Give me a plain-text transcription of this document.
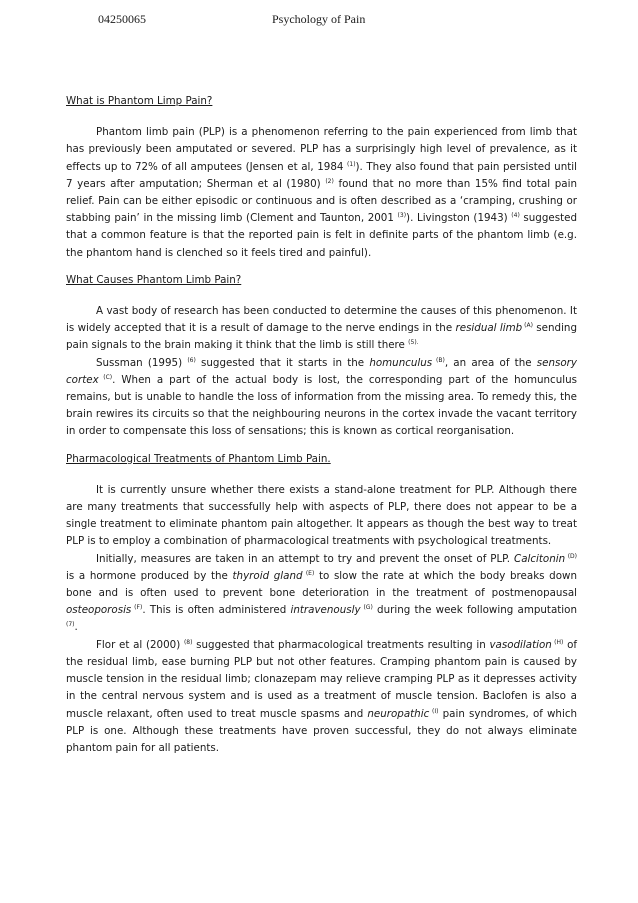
04250065	Psychology of Pain
What is Phantom Limp Pain?

Phantom limb pain (PLP) is a phenomenon referring to the pain experienced from limb that has previously been amputated or severed. PLP has a surprisingly high level of prevalence, as it effects up to 72% of all amputees (Jensen et al, 1984 $^{(1)}$). They also found that pain persisted until 7 years after amputation; Sherman et al (1980) $^{(2)}$ found that no more than 15% find total pain relief. Pain can be either episodic or continuous and is often described as a ‘cramping, crushing or stabbing pain’ in the missing limb (Clement and Taunton, 2001 $^{(3)}$). Livingston (1943) $^{(4)}$ suggested that a common feature is that the reported pain is felt in definite parts of the phantom limb (e.g. the phantom hand is clenched so it feels tired and painful).

What Causes Phantom Limb Pain?

A vast body of research has been conducted to determine the causes of this phenomenon. It is widely accepted that it is a result of damage to the nerve endings in the residual limb $^{(A)}$ sending pain signals to the brain making it think that the limb is still there $^{(5).}$

Sussman (1995) $^{(6)}$ suggested that it starts in the homunculus $^{(B)}$, an area of the sensory cortex $^{(C)}$. When a part of the actual body is lost, the corresponding part of the homunculus remains, but is unable to handle the loss of information from the missing area. To remedy this, the brain rewires its circuits so that the neighbouring neurons in the cortex invade the vacant territory in order to compensate this loss of sensations; this is known as cortical reorganisation.

Pharmacological Treatments of Phantom Limb Pain.

It is currently unsure whether there exists a stand-alone treatment for PLP. Although there are many treatments that successfully help with aspects of PLP, there does not appear to be a single treatment to eliminate phantom pain altogether. It appears as though the best way to treat PLP is to employ a combination of pharmacological treatments with psychological treatments.

Initially, measures are taken in an attempt to try and prevent the onset of PLP. Calcitonin $^{(D)}$ is a hormone produced by the thyroid gland $^{(E)}$ to slow the rate at which the body breaks down bone and is often used to prevent bone deterioration in the treatment of postmenopausal osteoporosis $^{(F)}$. This is often administered intravenously $^{(G)}$ during the week following amputation $^{(7)}$.

Flor et al (2000) $^{(8)}$ suggested that pharmacological treatments resulting in vasodilation $^{(H)}$ of the residual limb, ease burning PLP but not other features. Cramping phantom pain is caused by muscle tension in the residual limb; clonazepam may relieve cramping PLP as it depresses activity in the central nervous system and is used as a treatment of muscle tension. Baclofen is also a muscle relaxant, often used to treat muscle spasms and neuropathic $^{(I)}$ pain syndromes, of which PLP is one. Although these treatments have proven successful, they do not always eliminate phantom pain for all patients.
